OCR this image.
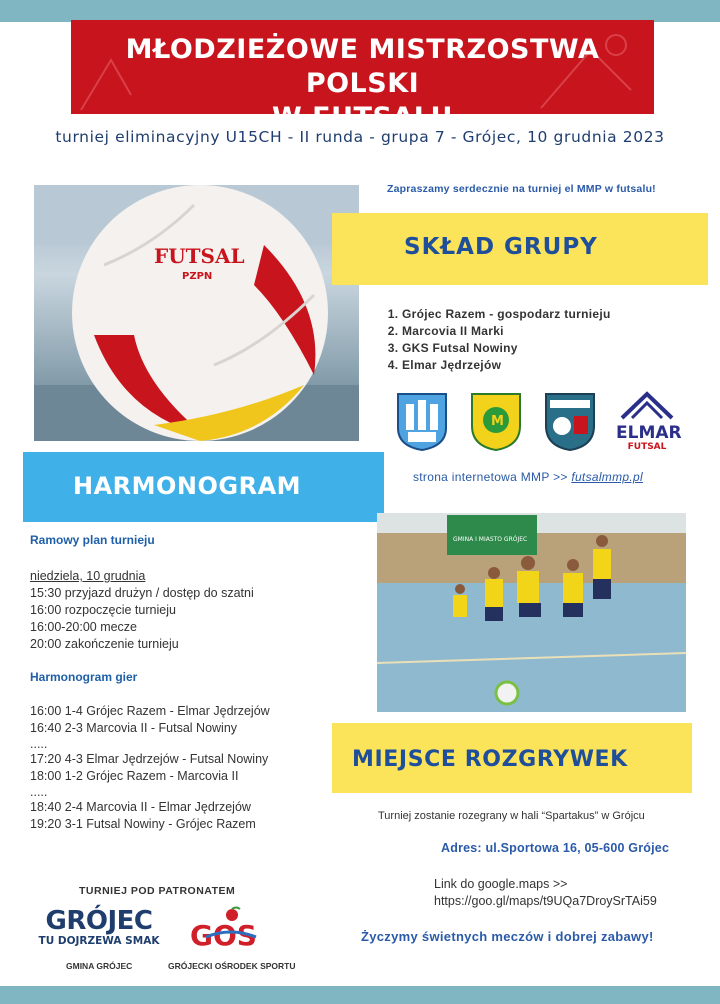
MŁODZIEŻOWE MISTRZOSTWA POLSKI
W FUTSALU
turniej eliminacyjny U15CH - II runda - grupa 7 - Grójec, 10 grudnia 2023
FUTSAL
PZPN
Zapraszamy serdecznie na turniej el MMP w futsalu!
SKŁAD GRUPY
1. Grójec Razem - gospodarz turnieju
2. Marcovia II Marki
3. GKS Futsal Nowiny
4. Elmar Jędrzejów
M
ELMAR
FUTSAL
strona internetowa MMP >> futsalmmp.pl
HARMONOGRAM
Ramowy plan turnieju
niedziela, 10 grudnia
15:30 przyjazd drużyn / dostęp do szatni
16:00 rozpoczęcie turnieju
16:00-20:00 mecze
20:00 zakończenie turnieju
Harmonogram gier
16:00 1-4 Grójec Razem - Elmar Jędrzejów
16:40 2-3 Marcovia II - Futsal Nowiny
.....
17:20 4-3 Elmar Jędrzejów - Futsal Nowiny
18:00 1-2 Grójec Razem - Marcovia II
.....
18:40 2-4 Marcovia II - Elmar Jędrzejów
19:20 3-1 Futsal Nowiny - Grójec Razem
GMINA I MIASTO GRÓJEC
MIEJSCE ROZGRYWEK
Turniej zostanie rozegrany w hali “Spartakus” w Grójcu
Adres: ul.Sportowa 16, 05-600 Grójec
Link do google.maps >>
https://goo.gl/maps/t9UQa7DroySrTAi59
Życzymy świetnych meczów i dobrej zabawy!
TURNIEJ POD PATRONATEM
GRÓJEC
TU DOJRZEWA SMAK
GMINA GRÓJEC
GOS
GRÓJECKI OŚRODEK SPORTU
